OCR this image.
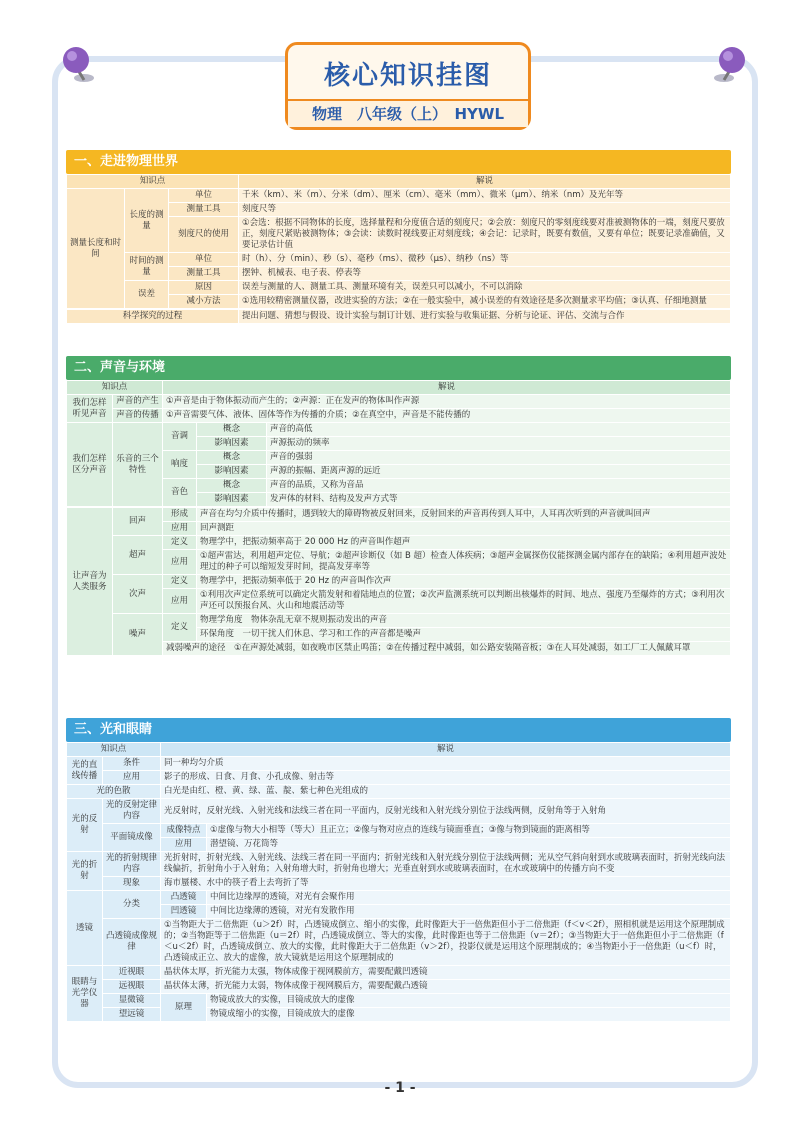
核心知识挂图
物理　八年级（上）　HYWL
一、走进物理世界
知识点			解说
测量长度和时间	长度的测量	单位	千米（km）、米（m）、分米（dm）、厘米（cm）、毫米（mm）、微米（μm）、纳米（nm）及光年等
		测量工具	刻度尺等
		刻度尺的使用	①会选：根据不同物体的长度，选择量程和分度值合适的刻度尺；②会放：刻度尺的零刻度线要对准被测物体的一端，刻度尺要放正，刻度尺紧贴被测物体；③会读：读数时视线要正对刻度线；④会记：记录时，既要有数值，又要有单位；既要记录准确值，又要记录估计值
	时间的测量	单位	时（h）、分（min）、秒（s）、毫秒（ms）、微秒（μs）、纳秒（ns）等
		测量工具	摆钟、机械表、电子表、停表等
	误差	原因	误差与测量的人、测量工具、测量环境有关，误差只可以减小，不可以消除
		减小方法	①选用较精密测量仪器，改进实验的方法；②在一般实验中，减小误差的有效途径是多次测量求平均值；③认真、仔细地测量
科学探究的过程	提出问题、猜想与假设、设计实验与制订计划、进行实验与收集证据、分析与论证、评估、交流与合作
二、声音与环境
知识点		解说		
我们怎样听见声音	声音的产生	①声音是由于物体振动而产生的；②声源：正在发声的物体叫作声源		
	声音的传播	①声音需要气体、液体、固体等作为传播的介质；②在真空中，声音是不能传播的		
我们怎样区分声音	乐音的三个特性	音调	概念	声音的高低
			影响因素	声源振动的频率
		响度	概念	声音的强弱
			影响因素	声源的振幅、距离声源的远近
		音色	概念	声音的品质，又称为音品
			影响因素	发声体的材料、结构及发声方式等
让声音为人类服务	回声	形成	声音在均匀介质中传播时，遇到较大的障碍物被反射回来，反射回来的声音再传到人耳中，人耳再次听到的声音就叫回声
		应用	回声测距
	超声	定义	物理学中，把振动频率高于 20 000 Hz 的声音叫作超声
		应用	①超声雷达，利用超声定位、导航；②超声诊断仪（如 B 超）检查人体疾病；③超声金属探伤仪能探测金属内部存在的缺陷；④利用超声波处理过的种子可以缩短发芽时间，提高发芽率等
	次声	定义	物理学中，把振动频率低于 20 Hz 的声音叫作次声
		应用	①利用次声定位系统可以确定火箭发射和着陆地点的位置；②次声监测系统可以判断出核爆炸的时间、地点、强度乃至爆炸的方式；③利用次声还可以预报台风、火山和地震活动等
	噪声	定义	物理学角度　 物体杂乱无章不规则振动发出的声音
			环保角度　 一切干扰人们休息、学习和工作的声音都是噪声
		减弱噪声的途径　 ①在声源处减弱，如夜晚市区禁止鸣笛；②在传播过程中减弱，如公路安装隔音板；③在人耳处减弱，如工厂工人佩戴耳罩	
三、光和眼睛
知识点		解说	
光的直线传播	条件	同一种均匀介质	
	应用	影子的形成、日食、月食、小孔成像、射击等	
光的色散		白光是由红、橙、黄、绿、蓝、靛、紫七种色光组成的	
光的反射	光的反射定律内容	光反射时，反射光线、入射光线和法线三者在同一平面内，反射光线和入射光线分别位于法线两侧，反射角等于入射角	
	平面镜成像	成像特点	①虚像与物大小相等（等大）且正立；②像与物对应点的连线与镜面垂直；③像与物到镜面的距离相等
		应用	潜望镜、万花筒等
光的折射	光的折射规律内容	光折射时，折射光线、入射光线、法线三者在同一平面内；折射光线和入射光线分别位于法线两侧；光从空气斜向射到水或玻璃表面时，折射光线向法线偏折，折射角小于入射角；入射角增大时，折射角也增大；光垂直射到水或玻璃表面时，在水或玻璃中的传播方向不变	
	现象	海市蜃楼、水中的筷子看上去弯折了等	
透镜	分类	凸透镜	中间比边缘厚的透镜，对光有会聚作用
		凹透镜	中间比边缘薄的透镜，对光有发散作用
	凸透镜成像规律	①当物距大于二倍焦距（u＞2f）时，凸透镜成倒立、缩小的实像，此时像距大于一倍焦距但小于二倍焦距（f＜v＜2f），照相机就是运用这个原理制成的；②当物距等于二倍焦距（u＝2f）时，凸透镜成倒立、等大的实像，此时像距也等于二倍焦距（v＝2f）；③当物距大于一倍焦距但小于二倍焦距（f＜u＜2f）时，凸透镜成倒立、放大的实像，此时像距大于二倍焦距（v＞2f），投影仪就是运用这个原理制成的；④当物距小于一倍焦距（u＜f）时，凸透镜成正立、放大的虚像，放大镜就是运用这个原理制成的	
眼睛与光学仪器	近视眼	晶状体太厚，折光能力太强，物体成像于视网膜前方，需要配戴凹透镜	
	远视眼	晶状体太薄，折光能力太弱，物体成像于视网膜后方，需要配戴凸透镜	
	显微镜	原理	物镜成放大的实像，目镜成放大的虚像
	望远镜		物镜成缩小的实像，目镜成放大的虚像
- 1 -
